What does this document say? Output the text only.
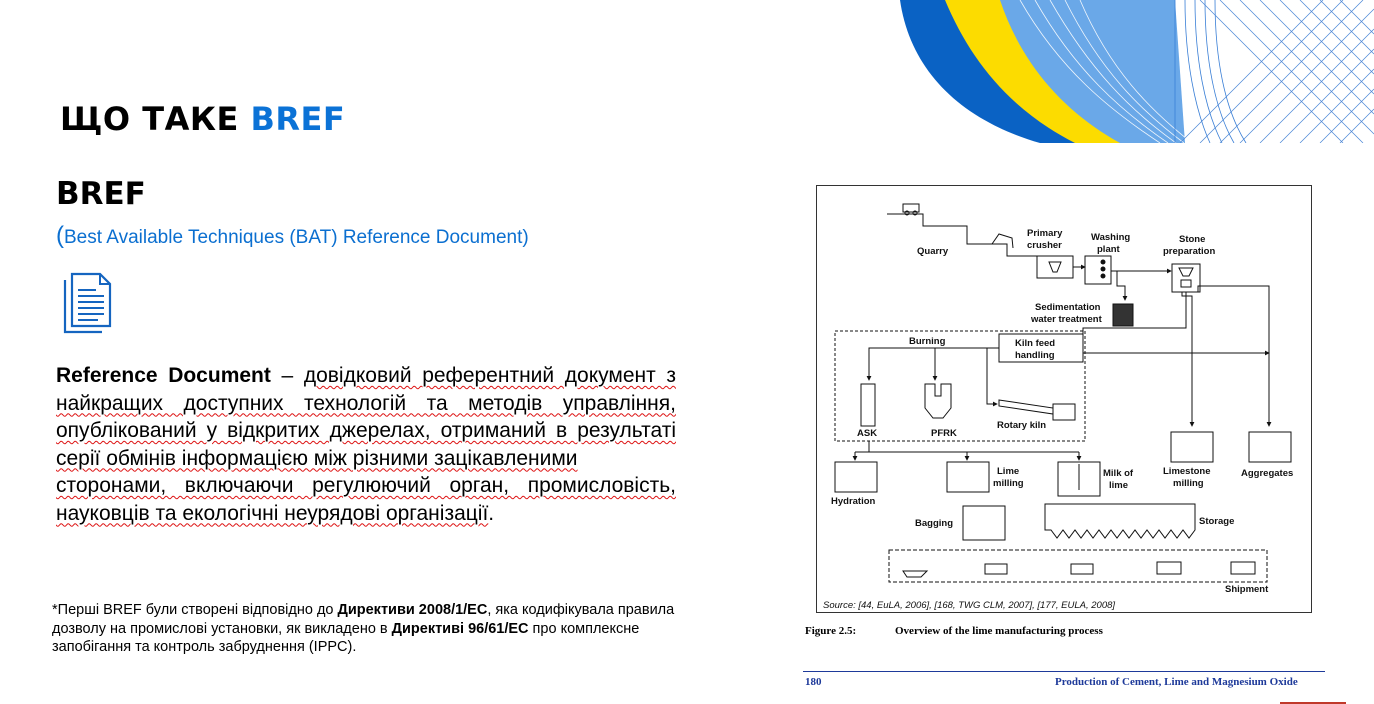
ЩО ТАКЕ BREF
BREF

(Best Available Techniques (BAT) Reference Document)

Reference Document – довідковий референтний документ з найкращих доступних технологій та методів управління, опублікований у відкритих джерелах, отриманий в результаті серії обмінів інформацією між різними зацікавленими
сторонами, включаючи регулюючий орган, промисловість, науковців та екологічні неурядові організації.

*Перші BREF були створені відповідно до Директиви 2008/1/ЕС, яка кодифікувала правила дозволу на промислові установки, як викладено в Директиві 96/61/ЕС про комплексне запобігання та контроль забруднення (IPPC).

Quarry
Primary
crusher
Washing
plant
Stone
preparation
Sedimentation
water treatment
Burning	Kiln feed
handling
ASK	PFRK
Rotary kiln
Hydration
Lime
milling
Milk of
lime
Limestone
milling
Aggregates
Bagging	Storage
Shipment
Source: [44, EuLA, 2006], [168, TWG CLM, 2007], [177, EULA, 2008]

Figure 2.5:	Overview of the lime manufacturing process

180	Production of Cement, Lime and Magnesium Oxide
